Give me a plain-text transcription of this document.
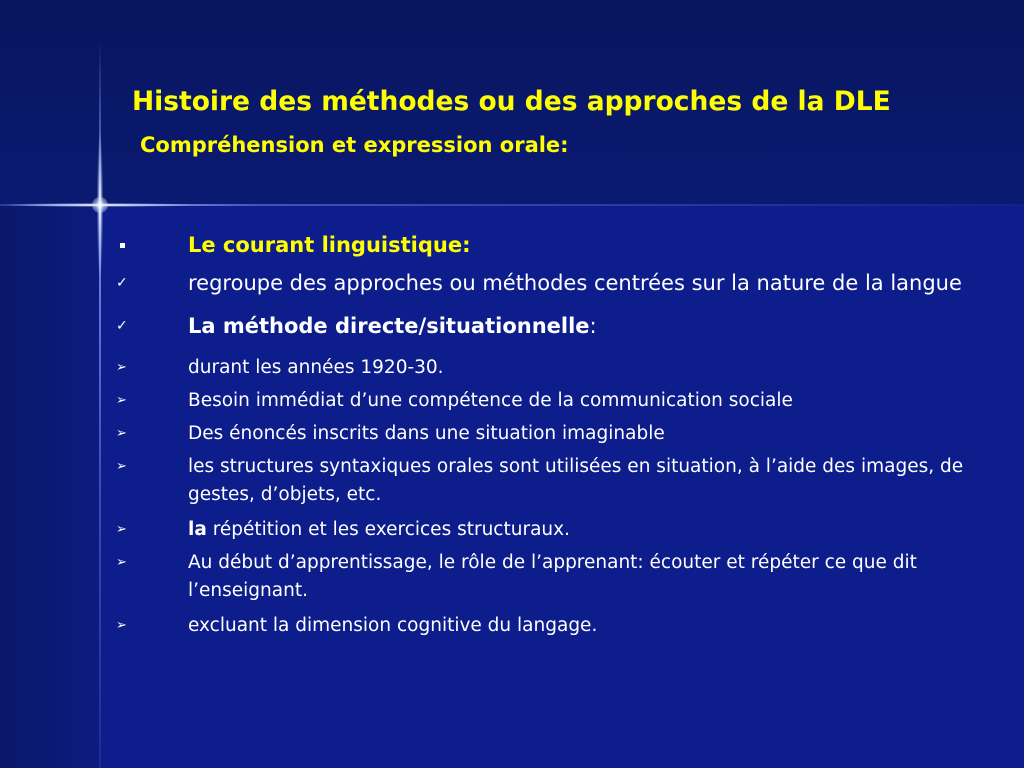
Histoire des méthodes ou des approches de la DLE
Compréhension et expression orale:
Le courant linguistique:
✓	regroupe des approches ou méthodes centrées sur la nature de la langue
✓	La méthode directe/situationnelle:
➢	durant les années 1920-30.
➢	Besoin immédiat d’une compétence de la communication sociale
➢	Des énoncés inscrits dans une situation imaginable
➢	les structures syntaxiques orales sont utilisées en situation, à l’aide des images, de gestes, d’objets, etc.
➢	la répétition et les exercices structuraux.
➢	Au début d’apprentissage, le rôle de l’apprenant: écouter et répéter ce que dit l’enseignant.
➢	excluant la dimension cognitive du langage.
